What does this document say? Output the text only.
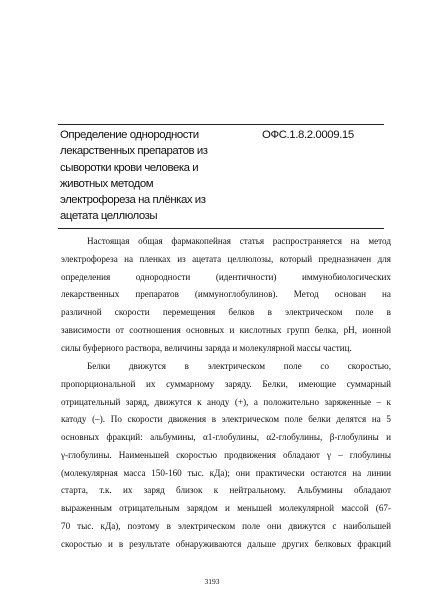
Определение однородности
лекарственных препаратов из
сыворотки крови человека и
животных методом
электрофореза на плёнках из
ацетата целлюлозы
ОФС.1.8.2.0009.15
Настоящая общая фармакопейная статья распространяется на метод
электрофореза на пленках из ацетата целлюлозы, который предназначен для
определения однородности (идентичности) иммунобиологических
лекарственных препаратов (иммуноглобулинов). Метод основан на
различной скорости перемещения белков в электрическом поле в
зависимости от соотношения основных и кислотных групп белка, pH, ионной
силы буферного раствора, величины заряда и молекулярной массы частиц.
Белки движутся в электрическом поле со скоростью,
пропорциональной их суммарному заряду. Белки, имеющие суммарный
отрицательный заряд, движутся к аноду (+), а положительно заряженные – к
катоду (–). По скорости движения в электрическом поле белки делятся на 5
основных фракций: альбумины, α1-глобулины, α2-глобулины, β-глобулины и
γ-глобулины. Наименьшей скоростью продвижения обладают γ – глобулины
(молекулярная масса 150-160 тыс. кДа); они практически остаются на линии
старта, т.к. их заряд близок к нейтральному. Альбумины обладают
выраженным отрицательным зарядом и меньшей молекулярной массой (67-
70 тыс. кДа), поэтому в электрическом поле они движутся с наибольшей
скоростью и в результате обнаруживаются дальше других белковых фракций
3193
